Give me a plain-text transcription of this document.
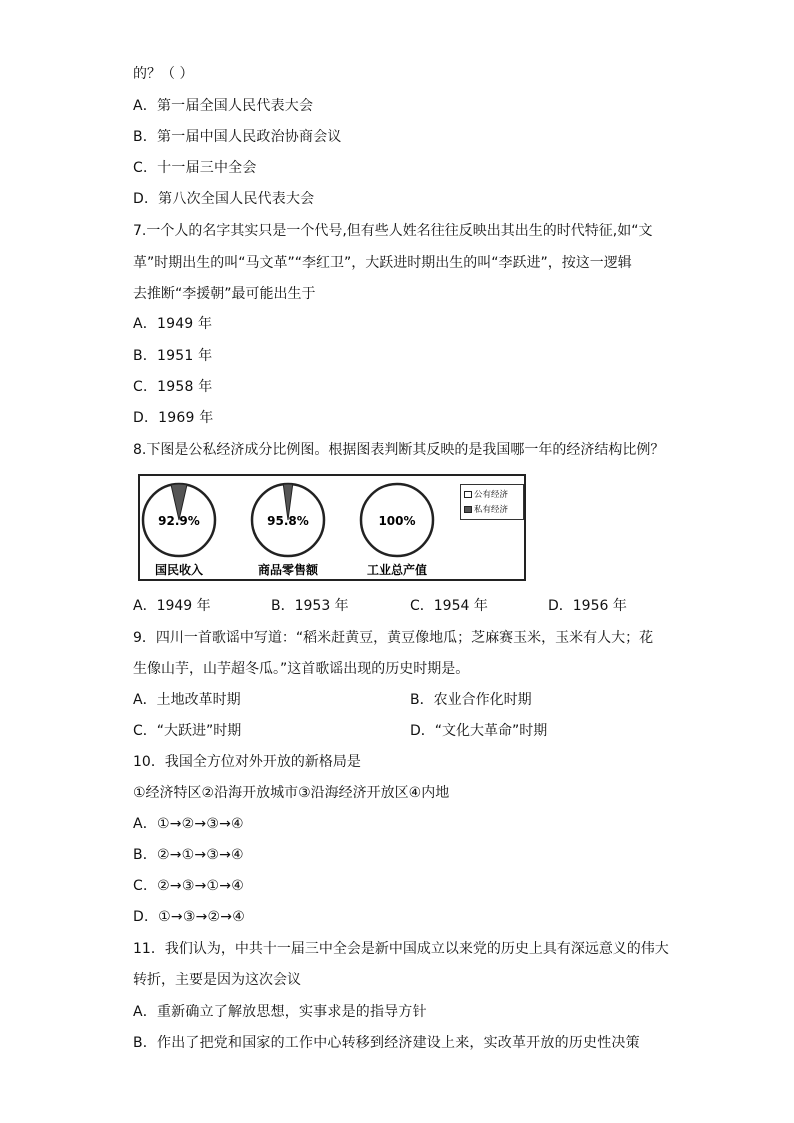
的？（ ）
A．第一届全国人民代表大会
B．第一届中国人民政治协商会议
C．十一届三中全会
D．第八次全国人民代表大会
7.一个人的名字其实只是一个代号,但有些人姓名往往反映出其出生的时代特征,如“文
革”时期出生的叫“马文革”“李红卫”，大跃进时期出生的叫“李跃进”，按这一逻辑
去推断“李援朝”最可能出生于
A．1949 年
B．1951 年
C．1958 年
D．1969 年
8.下图是公私经济成分比例图。根据图表判断其反映的是我国哪一年的经济结构比例？
92.9%
国民收入
95.8%
商品零售额
100%
工业总产值
公有经济
私有经济
A．1949 年	B．1953 年	C．1954 年	D．1956 年
9．四川一首歌谣中写道：“稻米赶黄豆，黄豆像地瓜；芝麻赛玉米，玉米有人大；花
生像山芋，山芋超冬瓜。”这首歌谣出现的历史时期是。
A．土地改革时期	B．农业合作化时期
C．“大跃进”时期	D．“文化大革命”时期
10．我国全方位对外开放的新格局是
①经济特区②沿海开放城市③沿海经济开放区④内地
A．①→②→③→④
B．②→①→③→④
C．②→③→①→④
D．①→③→②→④
11．我们认为，中共十一届三中全会是新中国成立以来党的历史上具有深远意义的伟大
转折，主要是因为这次会议
A．重新确立了解放思想，实事求是的指导方针
B．作出了把党和国家的工作中心转移到经济建设上来，实改革开放的历史性决策
